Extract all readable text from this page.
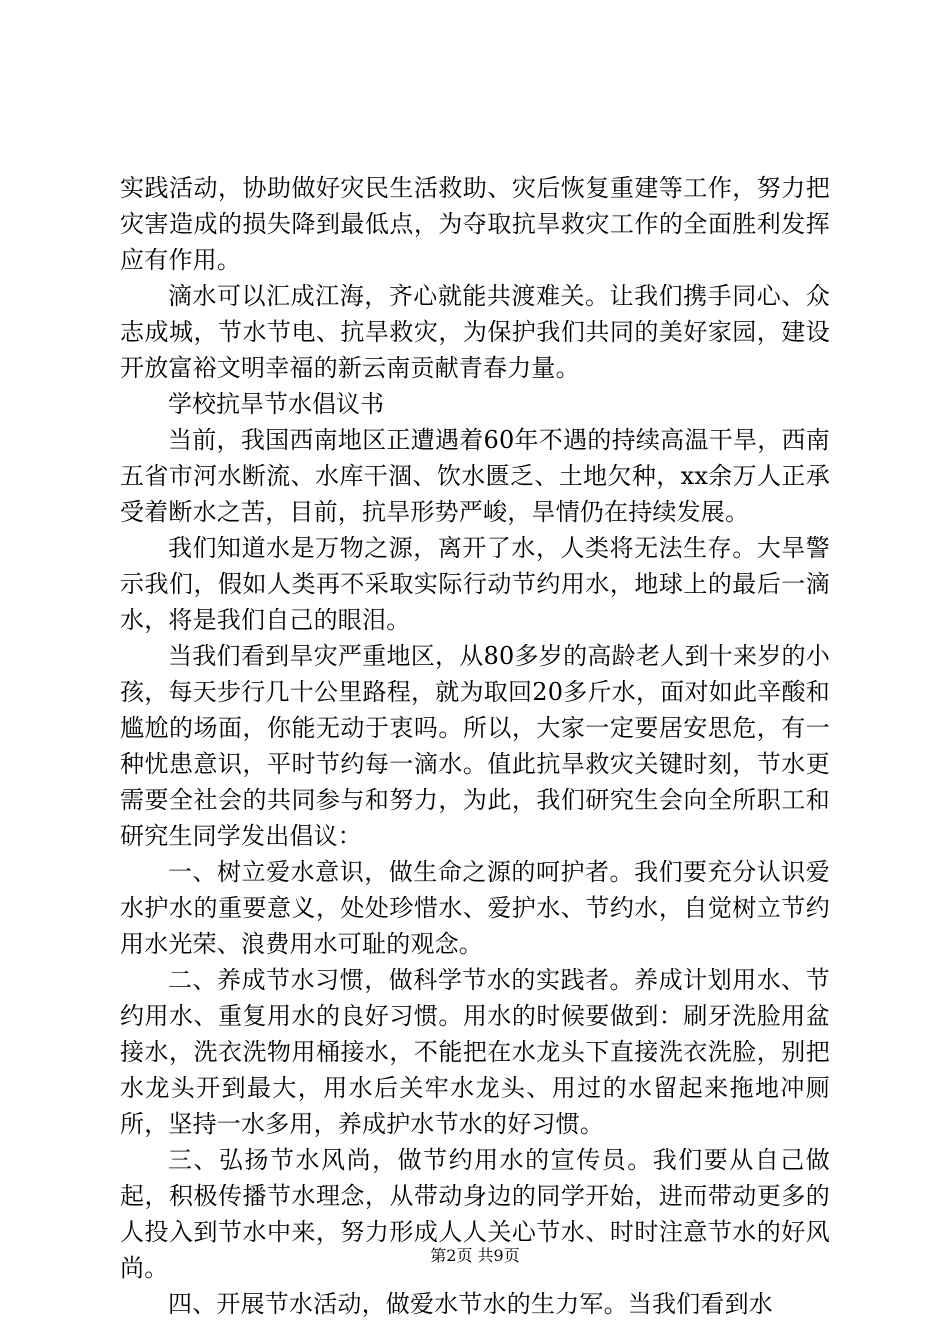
实践活动，协助做好灾民生活救助、灾后恢复重建等工作，努力把灾害造成的损失降到最低点，为夺取抗旱救灾工作的全面胜利发挥应有作用。

滴水可以汇成江海，齐心就能共渡难关。让我们携手同心、众志成城，节水节电、抗旱救灾，为保护我们共同的美好家园，建设开放富裕文明幸福的新云南贡献青春力量。

学校抗旱节水倡议书

当前，我国西南地区正遭遇着60年不遇的持续高温干旱，西南五省市河水断流、水库干涸、饮水匮乏、土地欠种，xx余万人正承受着断水之苦，目前，抗旱形势严峻，旱情仍在持续发展。

我们知道水是万物之源，离开了水，人类将无法生存。大旱警示我们，假如人类再不采取实际行动节约用水，地球上的最后一滴水，将是我们自己的眼泪。

当我们看到旱灾严重地区，从80多岁的高龄老人到十来岁的小孩，每天步行几十公里路程，就为取回20多斤水，面对如此辛酸和尴尬的场面，你能无动于衷吗。所以，大家一定要居安思危，有一种忧患意识，平时节约每一滴水。值此抗旱救灾关键时刻，节水更需要全社会的共同参与和努力，为此，我们研究生会向全所职工和研究生同学发出倡议：

一、树立爱水意识，做生命之源的呵护者。我们要充分认识爱水护水的重要意义，处处珍惜水、爱护水、节约水，自觉树立节约用水光荣、浪费用水可耻的观念。

二、养成节水习惯，做科学节水的实践者。养成计划用水、节约用水、重复用水的良好习惯。用水的时候要做到：刷牙洗脸用盆接水，洗衣洗物用桶接水，不能把在水龙头下直接洗衣洗脸，别把水龙头开到最大，用水后关牢水龙头、用过的水留起来拖地冲厕所，坚持一水多用，养成护水节水的好习惯。

三、弘扬节水风尚，做节约用水的宣传员。我们要从自己做起，积极传播节水理念，从带动身边的同学开始，进而带动更多的人投入到节水中来，努力形成人人关心节水、时时注意节水的好风尚。

四、开展节水活动，做爱水节水的生力军。当我们看到水

第2页 共9页
